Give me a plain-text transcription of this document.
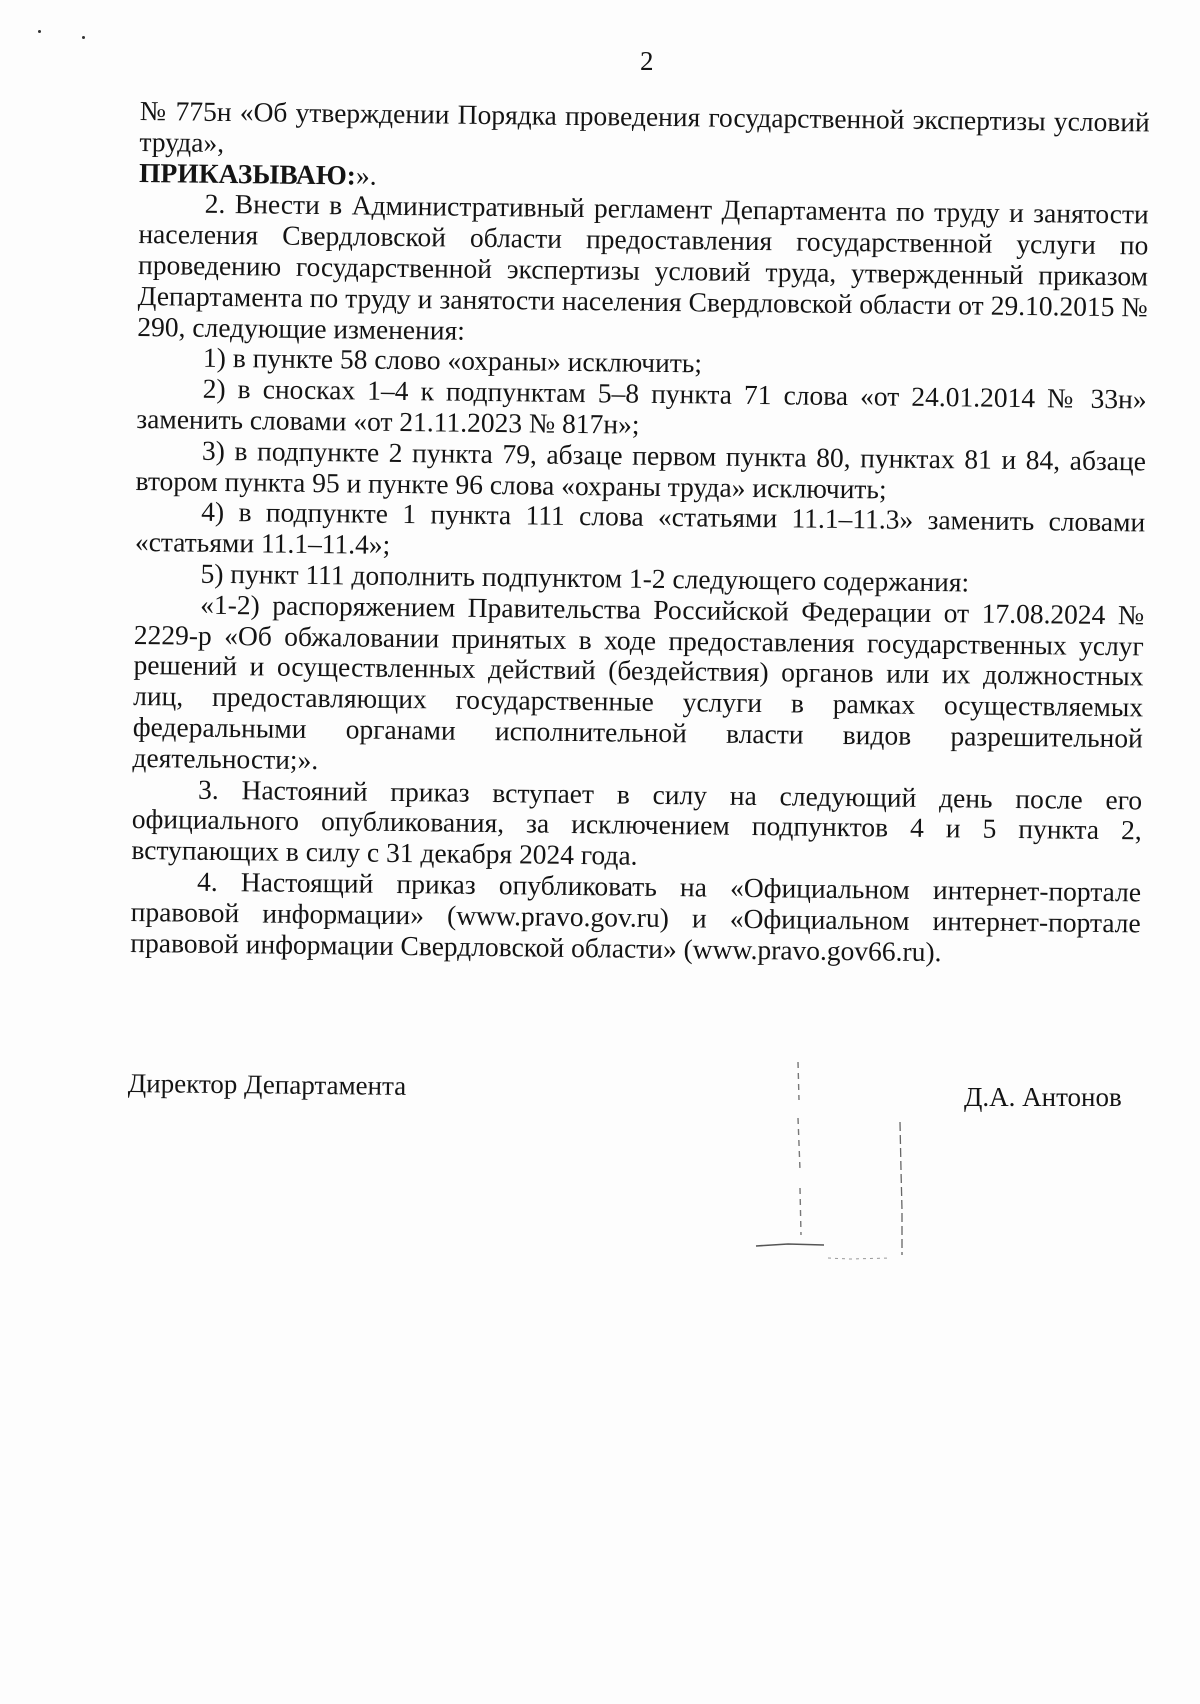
2

№ 775н «Об утверждении Порядка проведения государственной экспертизы условий труда»,

ПРИКАЗЫВАЮ:».

2. Внести в Административный регламент Департамента по труду и занятости населения Свердловской области предоставления государственной услуги по проведению государственной экспертизы условий труда, утвержденный приказом Департамента по труду и занятости населения Свердловской области от 29.10.2015 № 290, следующие изменения:

1) в пункте 58 слово «охраны» исключить;

2) в сносках 1–4 к подпунктам 5–8 пункта 71 слова «от 24.01.2014 № 33н» заменить словами «от 21.11.2023 № 817н»;

3) в подпункте 2 пункта 79, абзаце первом пункта 80, пунктах 81 и 84, абзаце втором пункта 95 и пункте 96 слова «охраны труда» исключить;

4) в подпункте 1 пункта 111 слова «статьями 11.1–11.3» заменить словами «статьями 11.1–11.4»;

5) пункт 111 дополнить подпунктом 1-2 следующего содержания:

«1-2) распоряжением Правительства Российской Федерации от 17.08.2024 № 2229-р «Об обжаловании принятых в ходе предоставления государственных услуг решений и осуществленных действий (бездействия) органов или их должностных лиц, предоставляющих государственные услуги в рамках осуществляемых федеральными органами исполнительной власти видов разрешительной деятельности;».

3. Настояний приказ вступает в силу на следующий день после его официального опубликования, за исключением подпунктов 4 и 5 пункта 2, вступающих в силу с 31 декабря 2024 года.

4. Настоящий приказ опубликовать на «Официальном интернет-портале правовой информации» (www.pravo.gov.ru) и «Официальном интернет-портале правовой информации Свердловской области» (www.pravo.gov66.ru).

Директор Департамента	Д.А. Антонов
